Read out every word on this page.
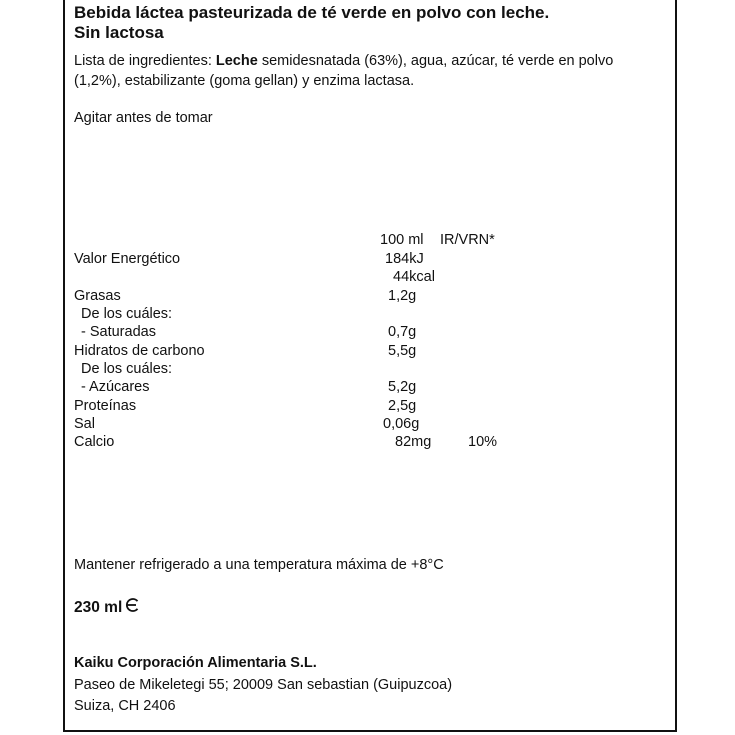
Bebida láctea pasteurizada de té verde en polvo con leche.
Sin lactosa
Lista de ingredientes: Leche semidesnatada (63%), agua, azúcar, té verde en polvo (1,2%), estabilizante (goma gellan) y enzima lactasa.
Agitar antes de tomar
100 ml IR/VRN*
Valor Energético	184kJ
44kcal
Grasas	1,2g
De los cuáles:
- Saturadas	0,7g
Hidratos de carbono	5,5g
De los cuáles:
- Azúcares	5,2g
Proteínas	2,5g
Sal	0,06g
Calcio	82mg	10%
Mantener refrigerado a una temperatura máxima de +8°C
230 ml
Kaiku Corporación Alimentaria S.L.
Paseo de Mikeletegi 55; 20009 San sebastian (Guipuzcoa)
Suiza, CH 2406
